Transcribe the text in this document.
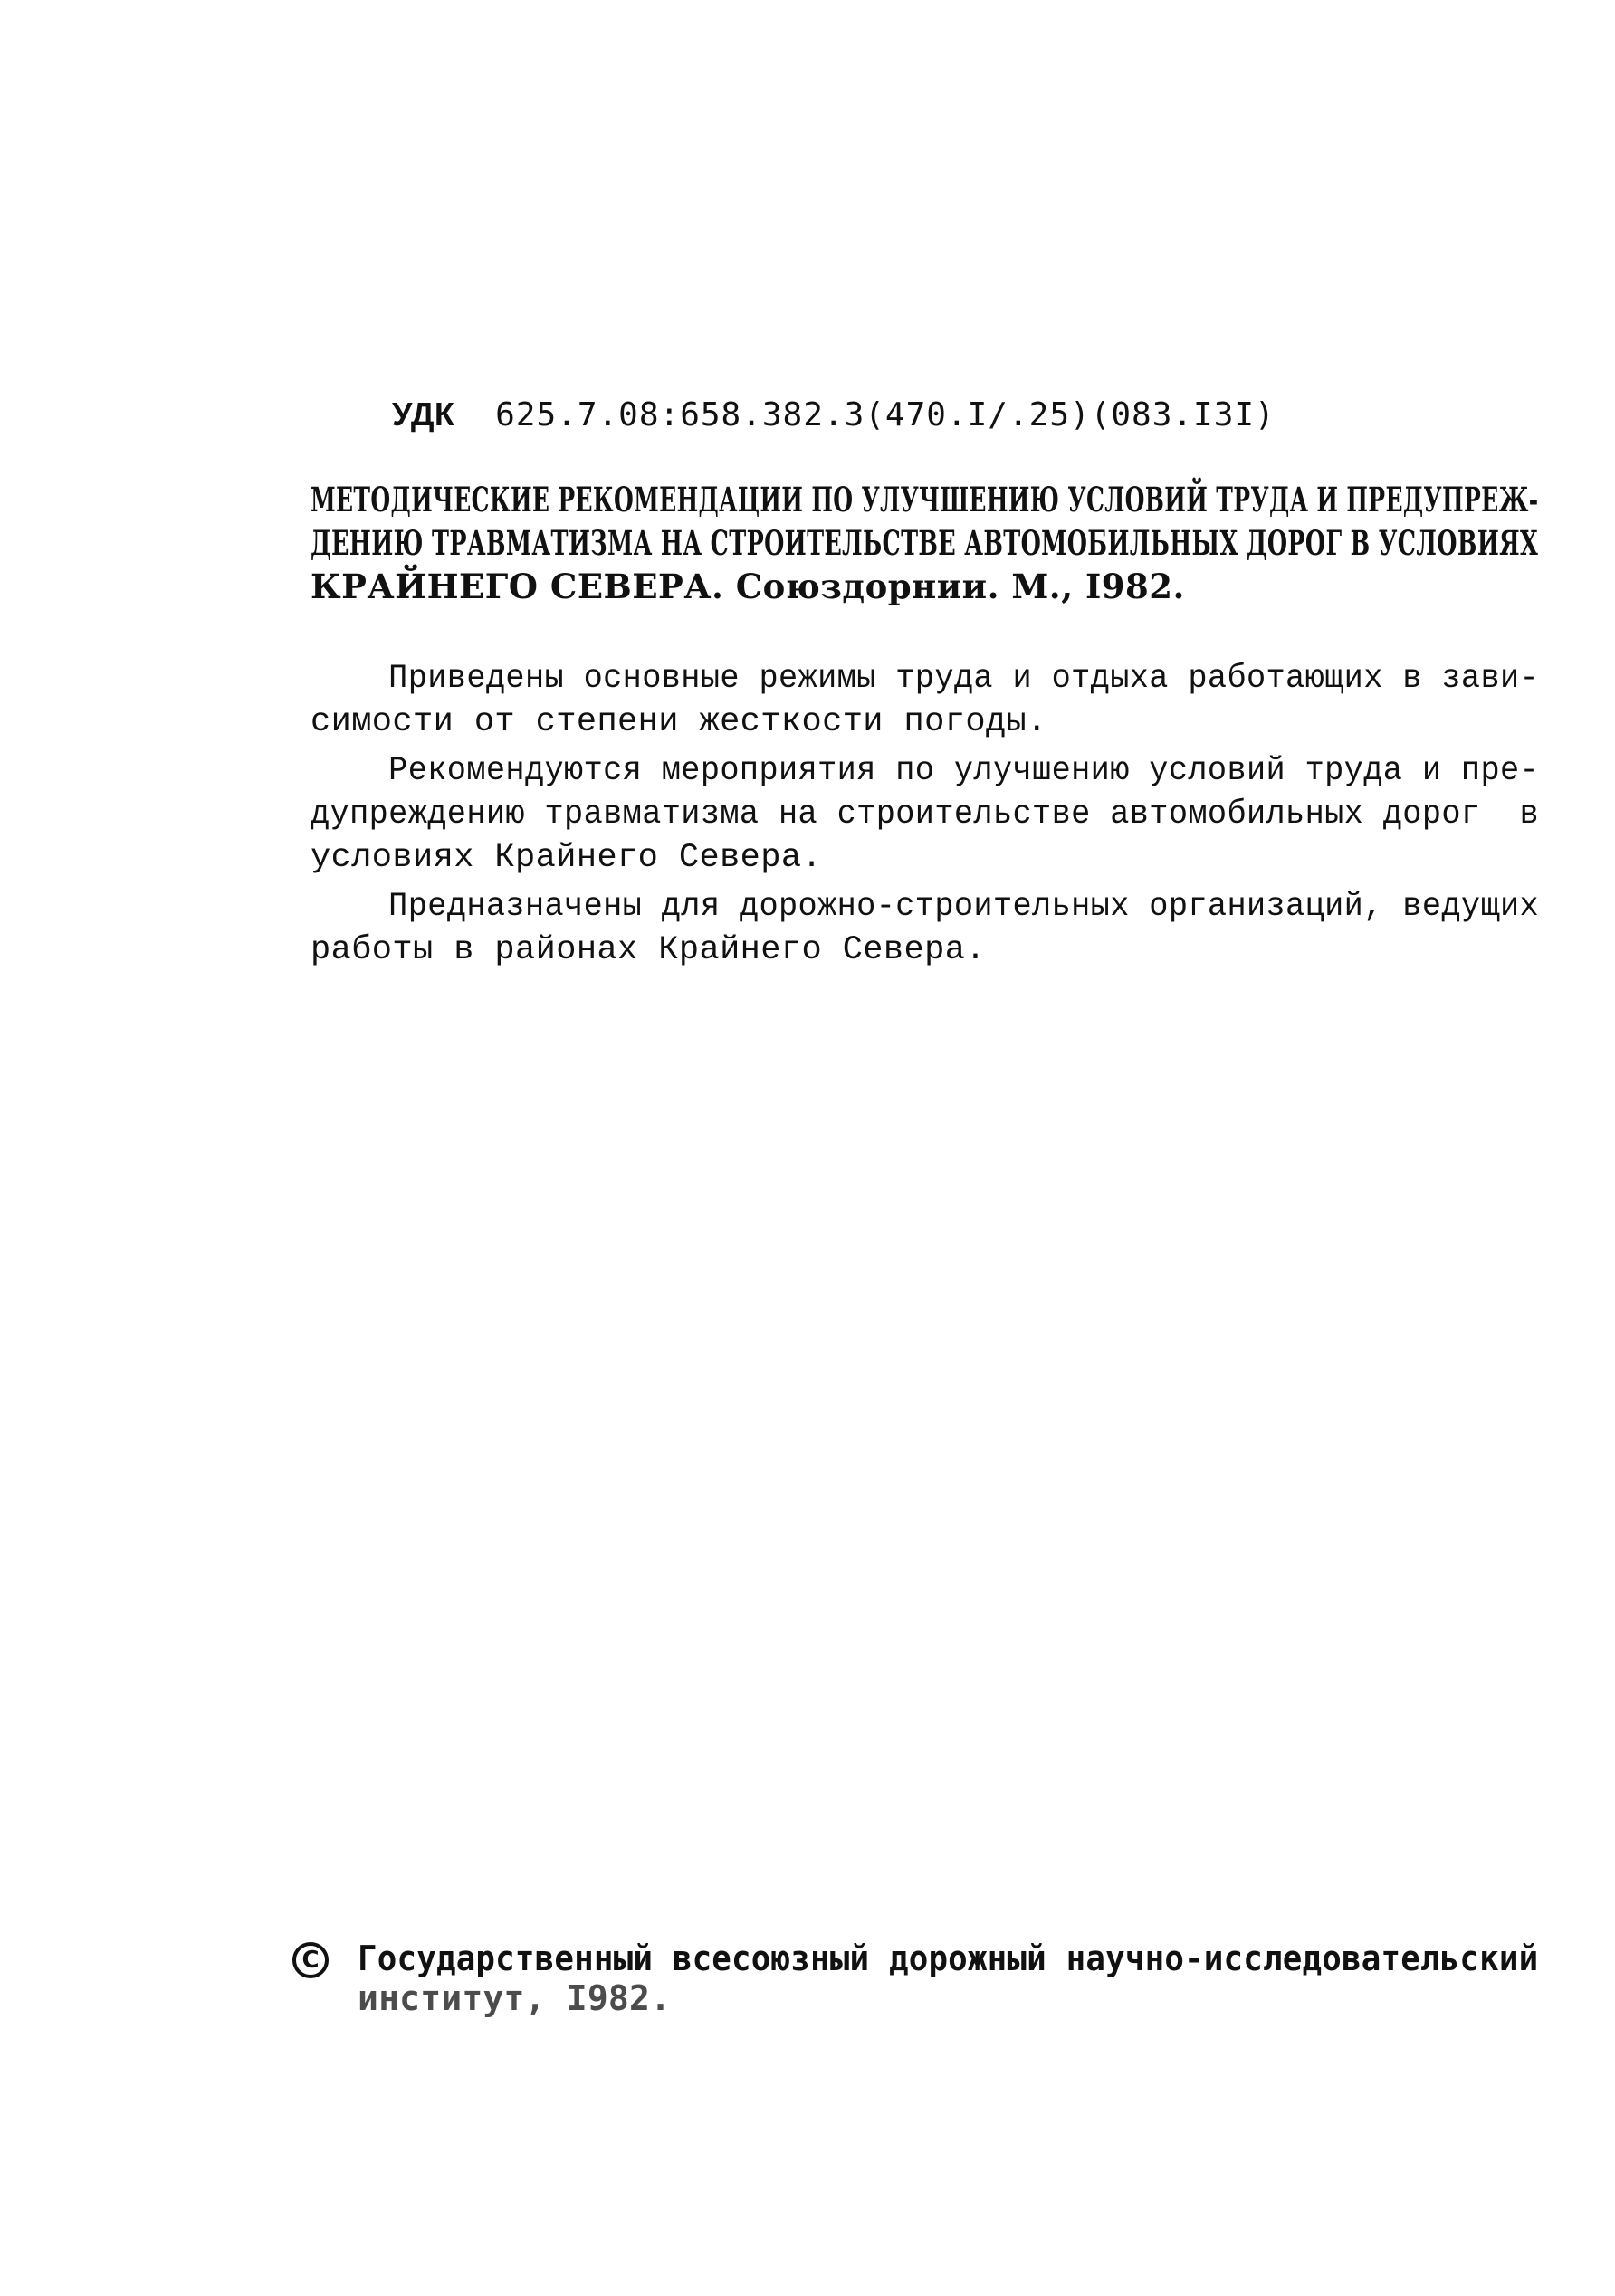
УДК 625.7.08:658.382.3(470.I/.25)(083.I3I)

МЕТОДИЧЕСКИЕ РЕКОМЕНДАЦИИ ПО УЛУЧШЕНИЮ УСЛОВИЙ ТРУДА И ПРЕДУПРЕЖ-
ДЕНИЮ ТРАВМАТИЗМА НА СТРОИТЕЛЬСТВЕ АВТОМОБИЛЬНЫХ ДОРОГ В УСЛОВИЯХ
КРАЙНЕГО СЕВЕРА. Союздорнии. М., I982.
Приведены основные режимы труда и отдыха работающих в зави-
симости от степени жесткости погоды.
Рекомендуются мероприятия по улучшению условий труда и пре-
дупреждению травматизма на строительстве автомобильных дорог  в
условиях Крайнего Севера.
Предназначены для дорожно-строительных организаций, ведущих
работы в районах Крайнего Севера.
С Государственный всесоюзный дорожный научно-исследовательский
институт, I982.
